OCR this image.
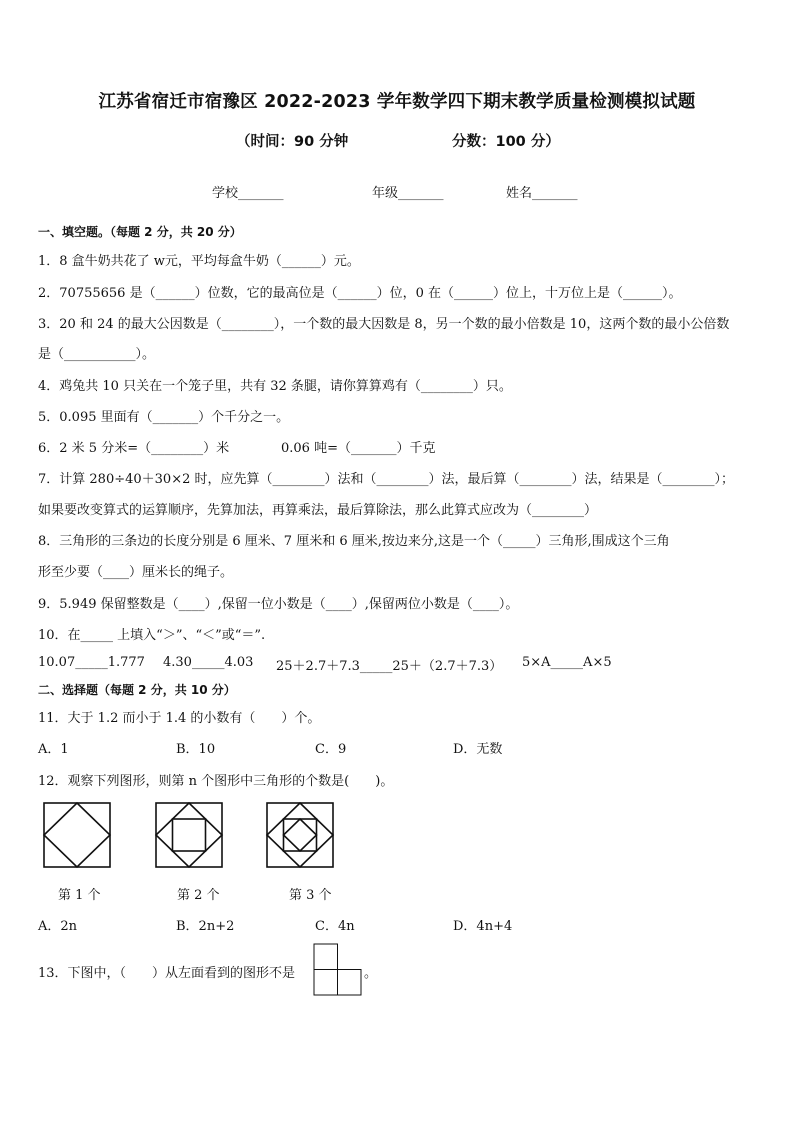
江苏省宿迁市宿豫区 2022-2023 学年数学四下期末教学质量检测模拟试题
（时间：90 分钟	分数：100 分）
学校_______	年级_______	姓名_______
一、填空题。（每题 2 分，共 20 分）
1．8 盒牛奶共花了 w元，平均每盒牛奶（______）元。
2．70755656 是（______）位数，它的最高位是（______）位，0 在（______）位上，十万位上是（______）。
3．20 和 24 的最大公因数是（________），一个数的最大因数是 8，另一个数的最小倍数是 10，这两个数的最小公倍数
是（___________）。
4．鸡兔共 10 只关在一个笼子里，共有 32 条腿，请你算算鸡有（________）只。
5．0.095 里面有（_______）个千分之一。
6．2 米 5 分米=（________）米	0.06 吨=（_______）千克
7．计算 280÷40＋30×2 时，应先算（________）法和（________）法，最后算（________）法，结果是（________）；
如果要改变算式的运算顺序，先算加法，再算乘法，最后算除法，那么此算式应改为（________）
8．三角形的三条边的长度分别是 6 厘米、7 厘米和 6 厘米,按边来分,这是一个（_____）三角形,围成这个三角
形至少要（____）厘米长的绳子。
9．5.949 保留整数是（____）,保留一位小数是（____）,保留两位小数是（____）。
10．在_____ 上填入“＞”、“＜”或“＝”.
10.07_____1.777 4.30_____4.03 25＋2.7＋7.3_____25＋（2.7＋7.3） 5×A_____A×5
二、选择题（每题 2 分，共 10 分）
11．大于 1.2 而小于 1.4 的小数有（　　）个。
A．1	B．10	C．9	D．无数
12．观察下列图形，则第 n 个图形中三角形的个数是(　　)。
第 1 个	第 2 个	第 3 个
A．2n	B．2n+2	C．4n	D．4n+4
13．下图中，（　　）从左面看到的图形不是	。
